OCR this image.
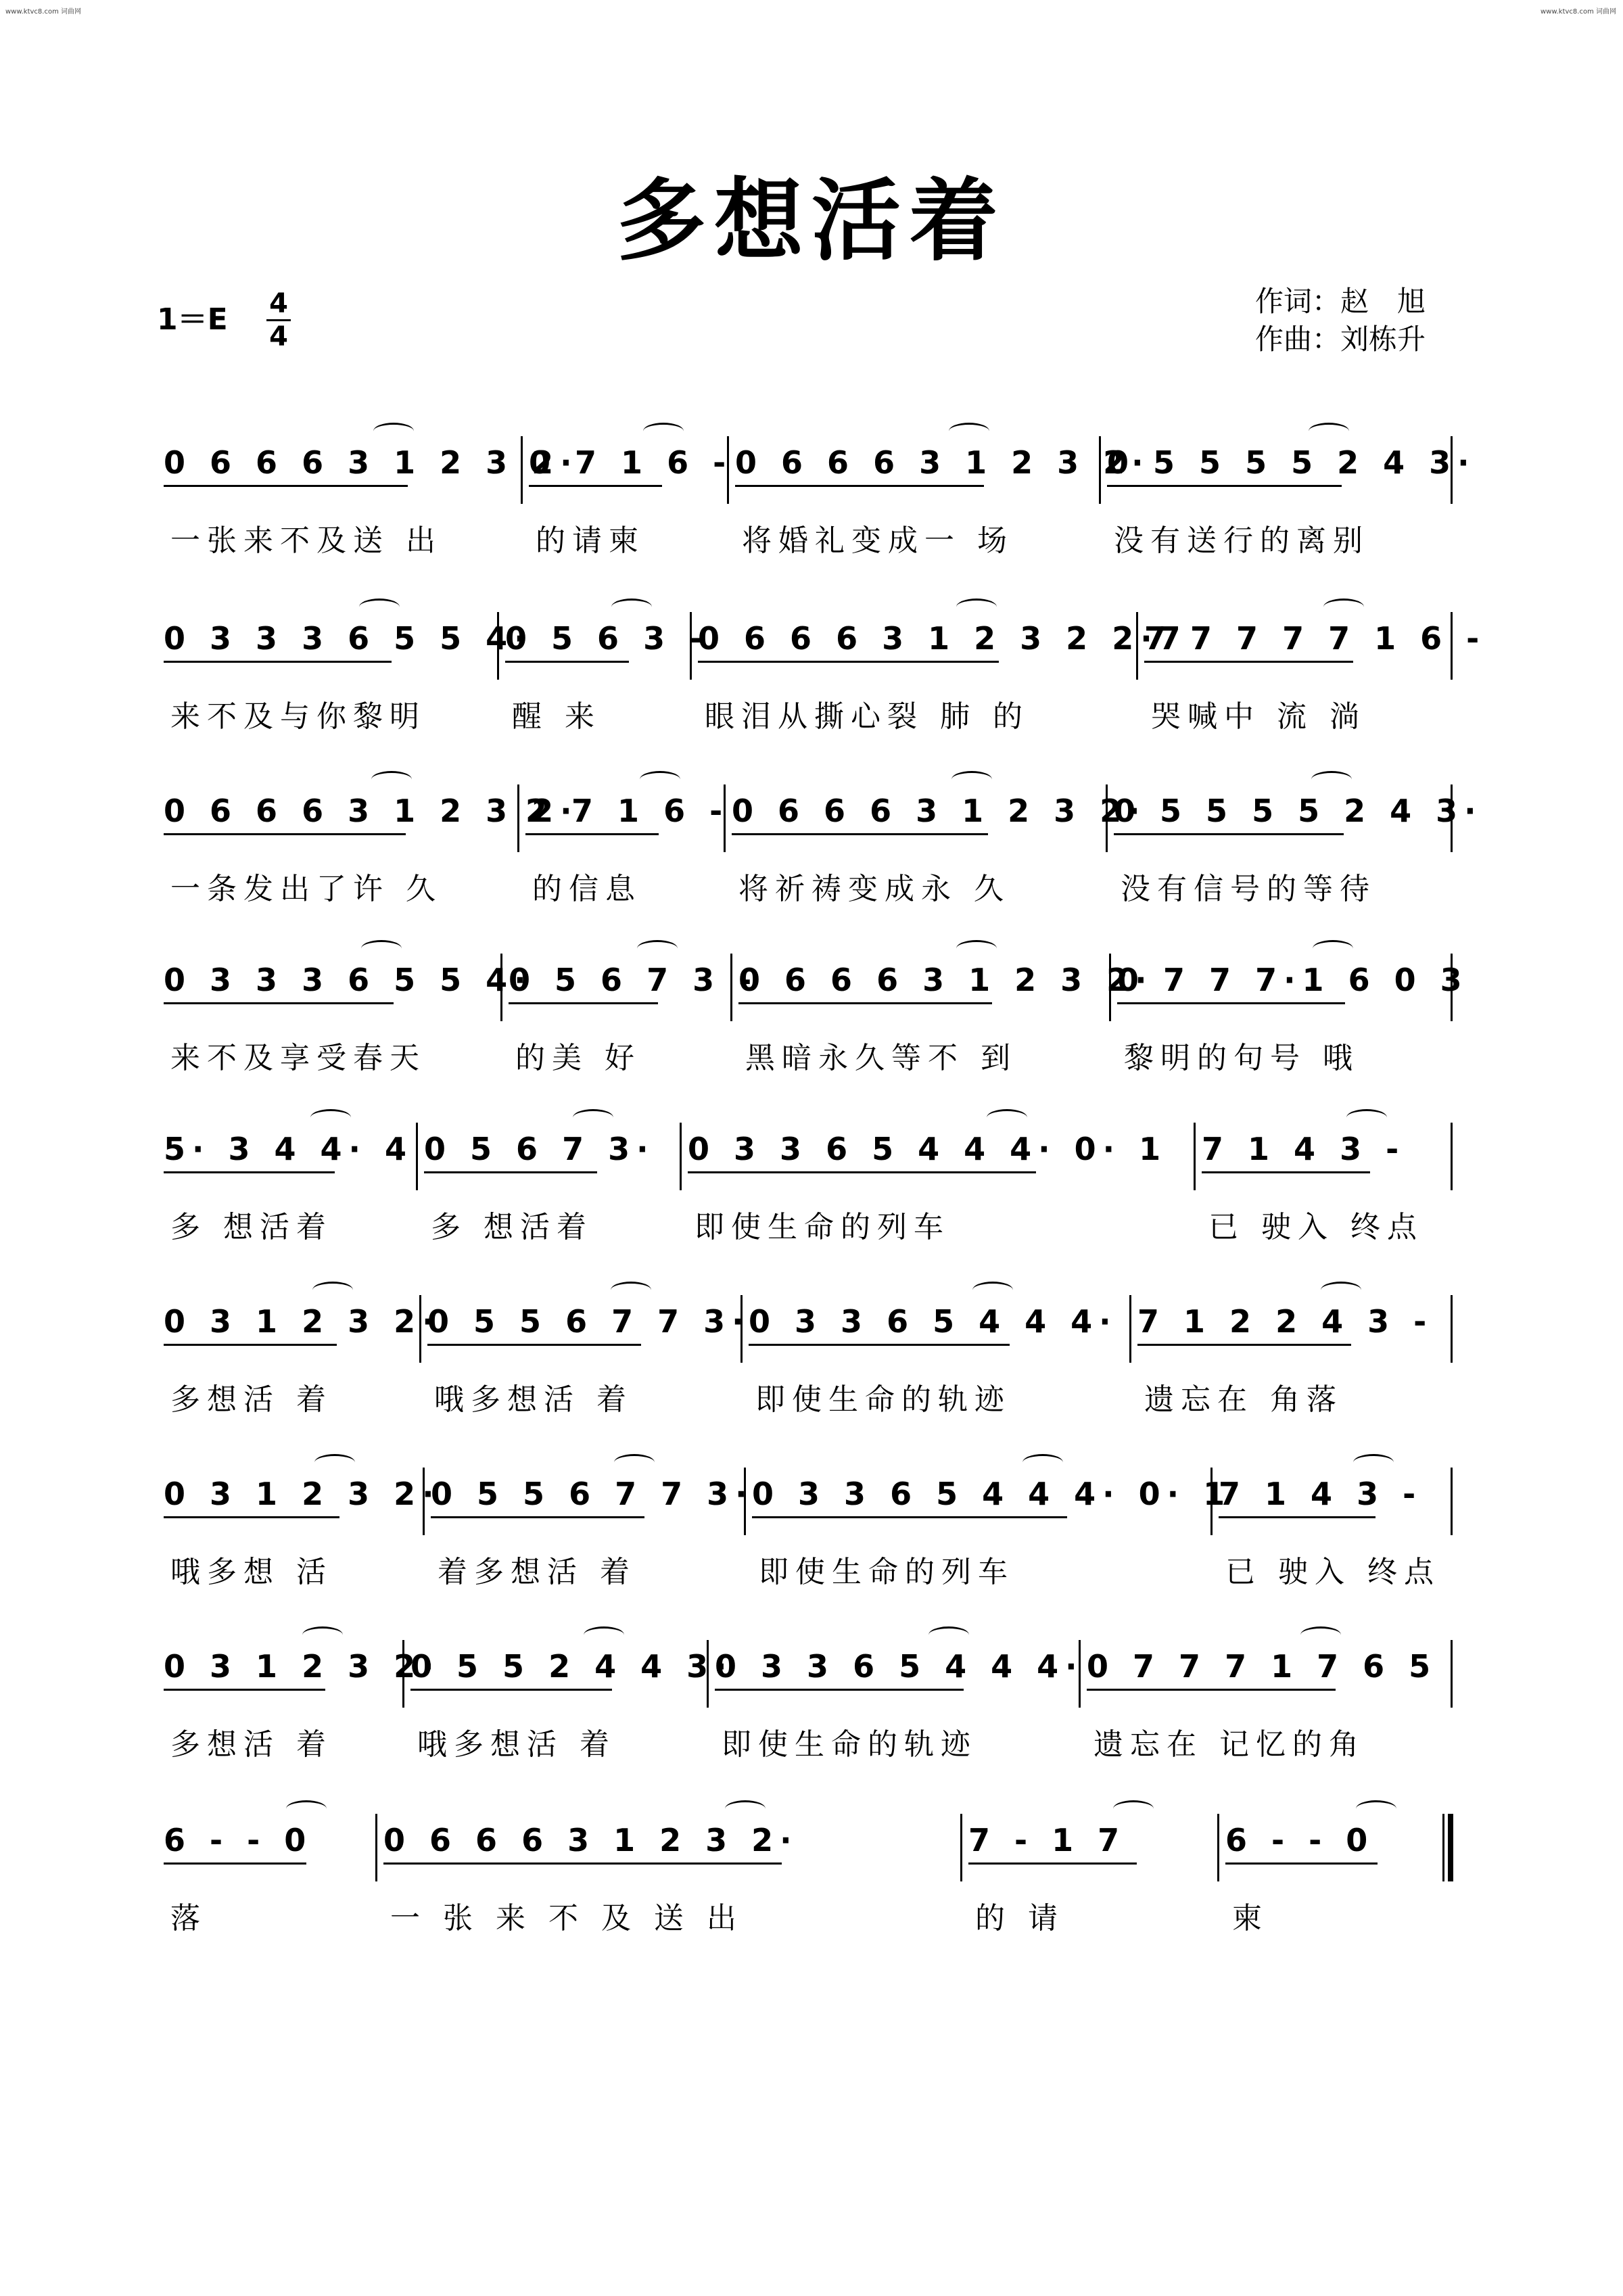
www.ktvc8.com 词曲网	www.ktvc8.com 词曲网
多想活着
1＝E 4
4
作词：赵　旭
作曲：刘栋升
0 6 6 6 3 1 2 3 2·
一张来不及送 出
0 7 1 6 -
的请柬
0 6 6 6 3 1 2 3 2·
将婚礼变成一 场
0 5 5 5 5 2 4 3·
没有送行的离别
0 3 3 3 6 5 5 4·
来不及与你黎明
0 5 6 3 -
醒 来
0 6 6 6 3 1 2 3 2 2·7
眼泪从撕心裂 肺 的
7 7 7 7 7 1 6 -
哭喊中 流 淌
0 6 6 6 3 1 2 3 2·
一条发出了许 久
2 7 1 6 -
的信息
0 6 6 6 3 1 2 3 2·
将祈祷变成永 久
0 5 5 5 5 2 4 3·
没有信号的等待
0 3 3 3 6 5 5 4·
来不及享受春天
0 5 6 7 3 -
的美 好
0 6 6 6 3 1 2 3 2·
黑暗永久等不 到
0 7 7 7·1 6 0 3
黎明的句号 哦
5· 3 4 4· 4
多 想活着
0 5 6 7 3·
多 想活着
0 3 3 6 5 4 4 4· 0· 1
即使生命的列车
7 1 4 3 -
已 驶入 终点
0 3 1 2 3 2·
多想活 着
0 5 5 6 7 7 3·
哦多想活 着
0 3 3 6 5 4 4 4·
即使生命的轨迹
7 1 2 2 4 3 -
遗忘在 角落
0 3 1 2 3 2·
哦多想 活
0 5 5 6 7 7 3·
着多想活 着
0 3 3 6 5 4 4 4· 0· 1
即使生命的列车
7 1 4 3 -
已 驶入 终点
0 3 1 2 3 2·
多想活 着
0 5 5 2 4 4 3·
哦多想活 着
0 3 3 6 5 4 4 4·
即使生命的轨迹
0 7 7 7 1 7 6 5
遗忘在 记忆的角
6 - - 0
落
0 6 6 6 3 1 2 3 2·
一 张 来 不 及 送 出
7 - 1 7
的 请
6 - - 0
柬
